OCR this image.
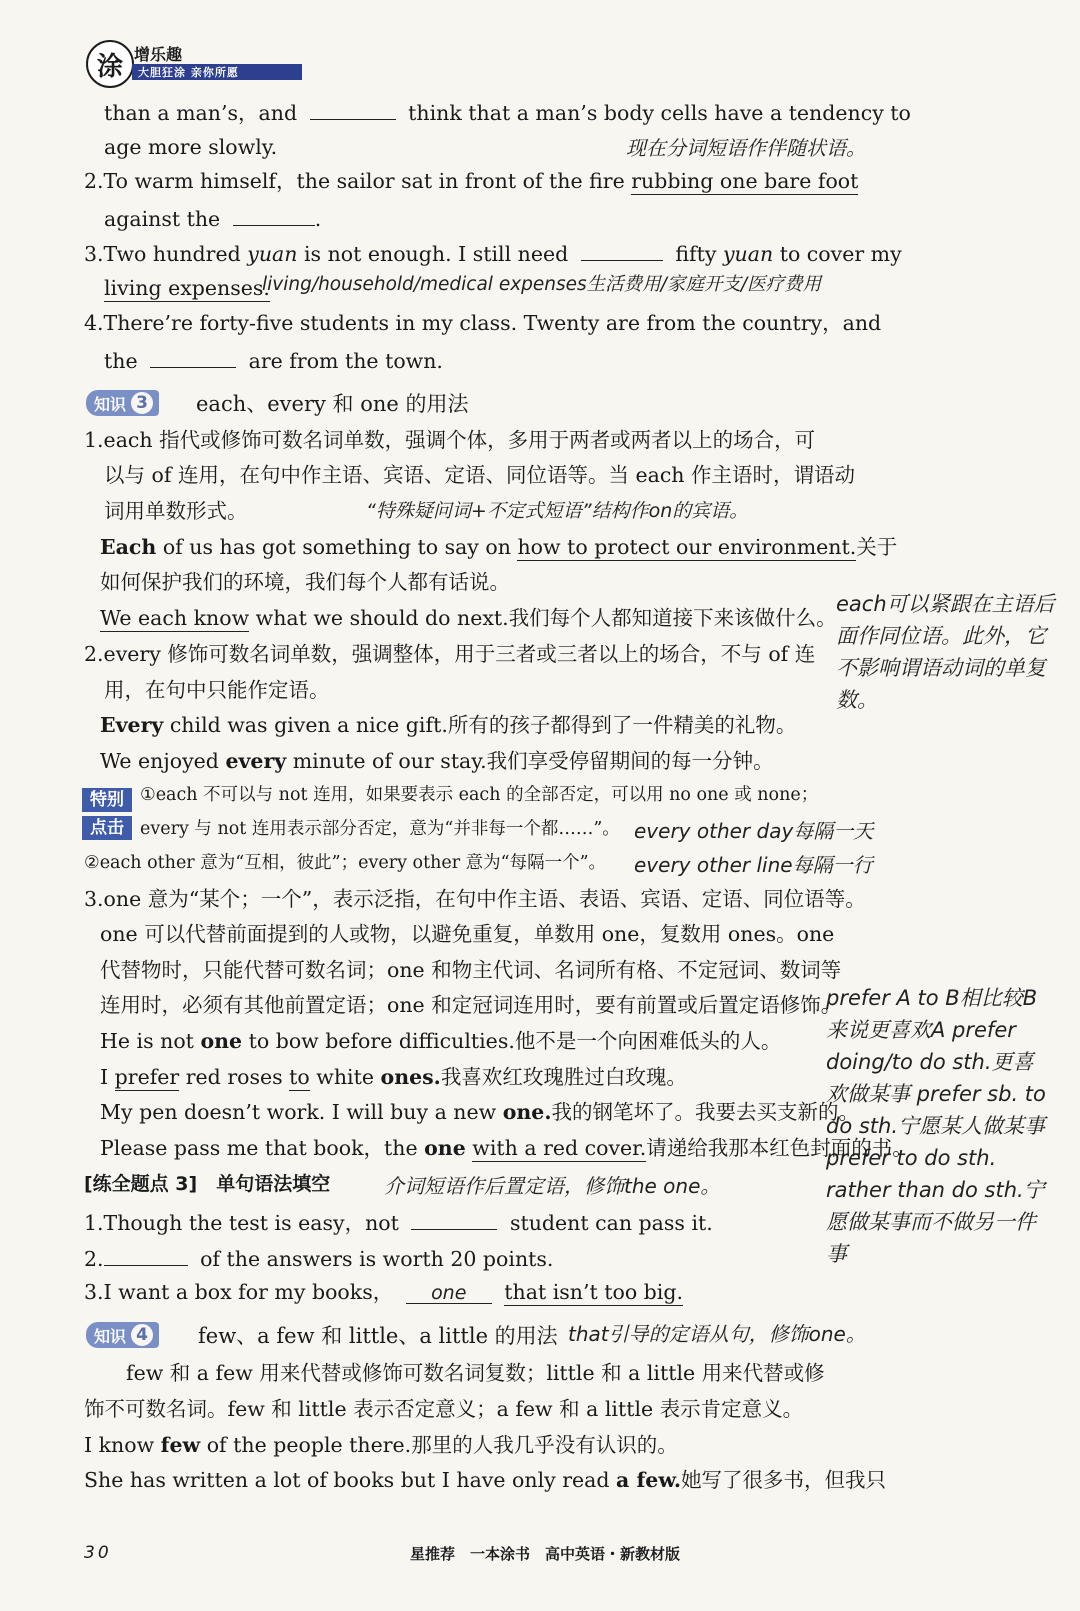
涂 增乐趣
大胆狂涂 亲你所愿
than a man’s，and	think that a man’s body cells have a tendency to
age more slowly.
2.To warm himself，the sailor sat in front of the fire rubbing one bare foot
against the	.
3.Two hundred yuan is not enough. I still need	fifty yuan to cover my
living expenses.
4.There’re forty-five students in my class. Twenty are from the country，and
the	are from the town.
知识 3	each、every 和 one 的用法
1.each 指代或修饰可数名词单数，强调个体，多用于两者或两者以上的场合，可
以与 of 连用，在句中作主语、宾语、定语、同位语等。当 each 作主语时，谓语动
词用单数形式。
Each of us has got something to say on how to protect our environment.关于
如何保护我们的环境，我们每个人都有话说。
We each know what we should do next.我们每个人都知道接下来该做什么。
2.every 修饰可数名词单数，强调整体，用于三者或三者以上的场合，不与 of 连
用，在句中只能作定语。
Every child was given a nice gift.所有的孩子都得到了一件精美的礼物。
We enjoyed every minute of our stay.我们享受停留期间的每一分钟。
特别
点击
①each 不可以与 not 连用，如果要表示 each 的全部否定，可以用 no one 或 none；
every 与 not 连用表示部分否定，意为“并非每一个都……”。
②each other 意为“互相，彼此”；every other 意为“每隔一个”。
3.one 意为“某个；一个”，表示泛指，在句中作主语、表语、宾语、定语、同位语等。
one 可以代替前面提到的人或物，以避免重复，单数用 one，复数用 ones。one
代替物时，只能代替可数名词；one 和物主代词、名词所有格、不定冠词、数词等
连用时，必须有其他前置定语；one 和定冠词连用时，要有前置或后置定语修饰。
He is not one to bow before difficulties.他不是一个向困难低头的人。
I prefer red roses to white ones.我喜欢红玫瑰胜过白玫瑰。
My pen doesn’t work. I will buy a new one.我的钢笔坏了。我要去买支新的。
Please pass me that book，the one with a red cover.请递给我那本红色封面的书。
[练全题点 3]　单句语法填空
1.Though the test is easy，not	student can pass it.
2.	of the answers is worth 20 points.
3.I want a box for my books， one that isn’t too big.
知识 4	few、a few 和 little、a little 的用法
few 和 a few 用来代替或修饰可数名词复数；little 和 a little 用来代替或修
饰不可数名词。few 和 little 表示否定意义；a few 和 a little 表示肯定意义。
I know few of the people there.那里的人我几乎没有认识的。
She has written a lot of books but I have only read a few.她写了很多书，但我只
现在分词短语作伴随状语。
living/household/medical expenses生活费用/家庭开支/医疗费用
“特殊疑问词+不定式短语”结构作on的宾语。
every other day每隔一天
every other line每隔一行
介词短语作后置定语，修饰the one。
that引导的定语从句，修饰one。
each可以紧跟在主语后面作同位语。此外，它不影响谓语动词的单复数。
prefer A to B相比较B来说更喜欢A prefer doing/to do sth.更喜欢做某事 prefer sb. to do sth.宁愿某人做某事 prefer to do sth. rather than do sth.宁愿做某事而不做另一件事
30	星推荐　一本涂书　高中英语・新教材版
